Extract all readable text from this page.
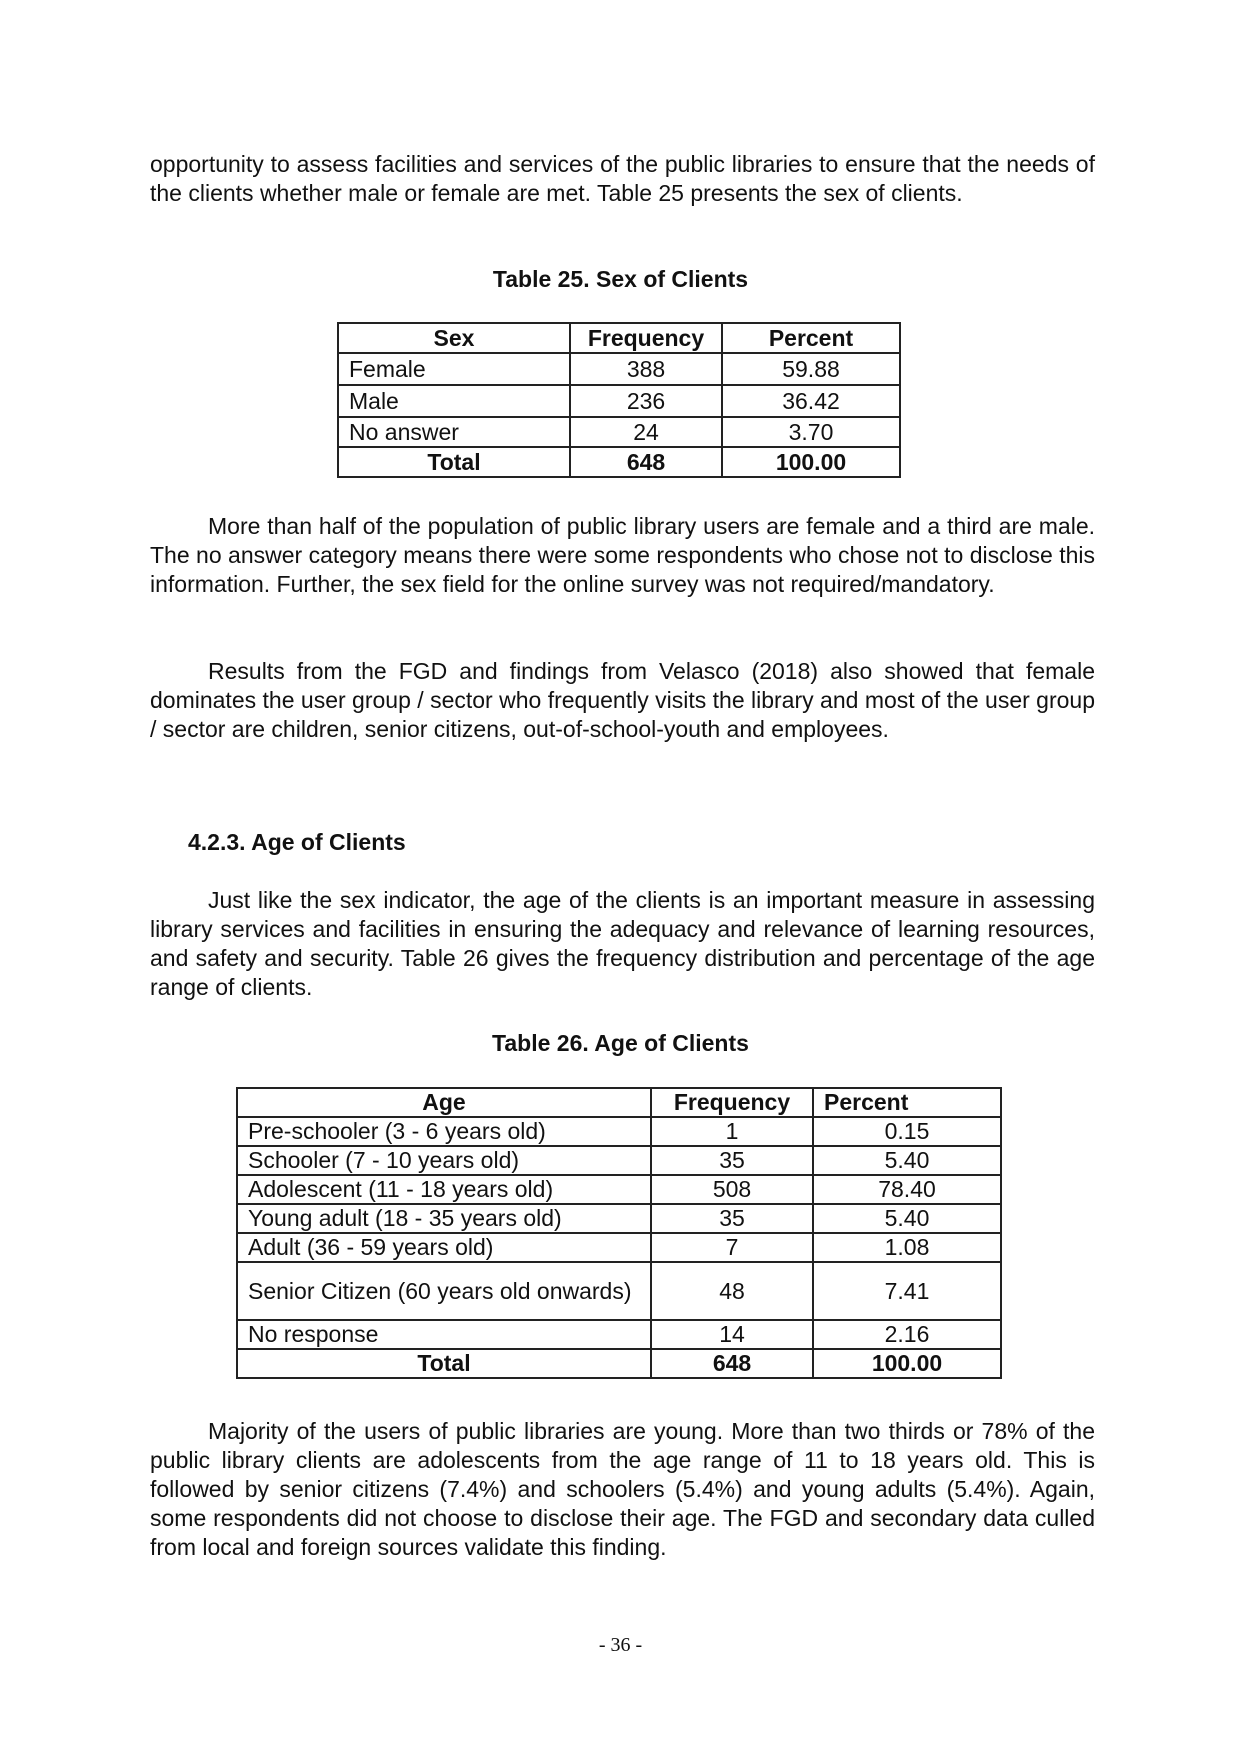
opportunity to assess facilities and services of the public libraries to ensure that the needs of the clients whether male or female are met. Table 25 presents the sex of clients.

Table 25. Sex of Clients

Sex	Frequency	Percent
Female	388	59.88
Male	236	36.42
No answer	24	3.70
Total	648	100.00

More than half of the population of public library users are female and a third are male. The no answer category means there were some respondents who chose not to disclose this information. Further, the sex field for the online survey was not required/mandatory.

Results from the FGD and findings from Velasco (2018) also showed that female dominates the user group / sector who frequently visits the library and most of the user group / sector are children, senior citizens, out-of-school-youth and employees.

4.2.3. Age of Clients

Just like the sex indicator, the age of the clients is an important measure in assessing library services and facilities in ensuring the adequacy and relevance of learning resources, and safety and security. Table 26 gives the frequency distribution and percentage of the age range of clients.

Table 26. Age of Clients

Age	Frequency	Percent
Pre-schooler (3 - 6 years old)	1	0.15
Schooler (7 - 10 years old)	35	5.40
Adolescent (11 - 18 years old)	508	78.40
Young adult (18 - 35 years old)	35	5.40
Adult (36 - 59 years old)	7	1.08
Senior Citizen (60 years old onwards)	48	7.41
No response	14	2.16
Total	648	100.00

Majority of the users of public libraries are young. More than two thirds or 78% of the public library clients are adolescents from the age range of 11 to 18 years old. This is followed by senior citizens (7.4%) and schoolers (5.4%) and young adults (5.4%). Again, some respondents did not choose to disclose their age. The FGD and secondary data culled from local and foreign sources validate this finding.

- 36 -
